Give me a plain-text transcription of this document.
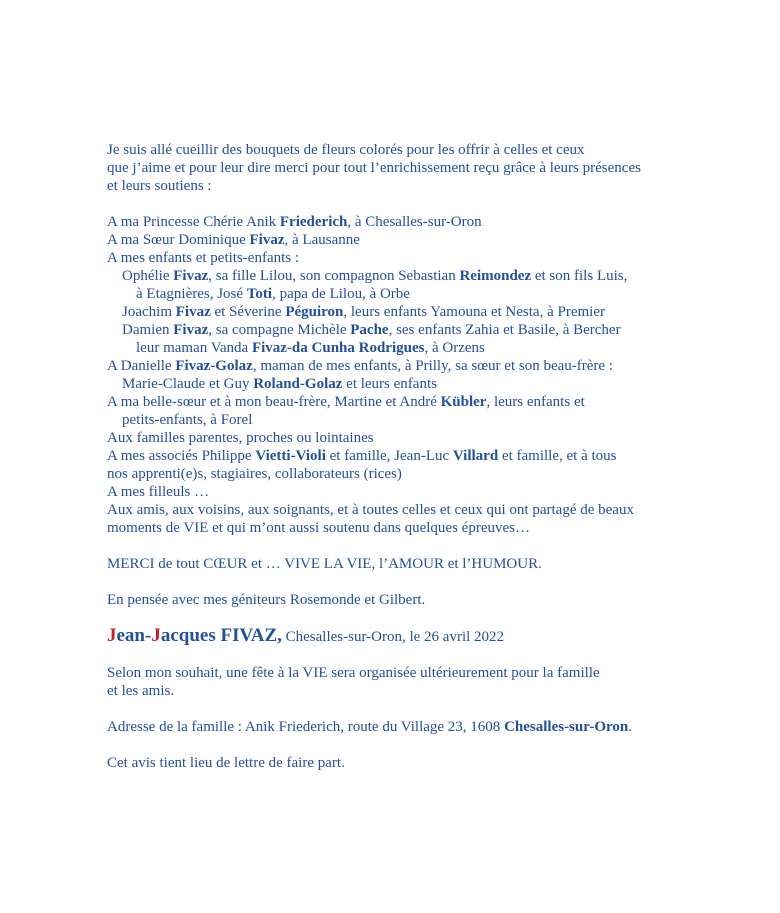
Je suis allé cueillir des bouquets de fleurs colorés pour les offrir à celles et ceux
que j’aime et pour leur dire merci pour tout l’enrichissement reçu grâce à leurs présences
et leurs soutiens :
A ma Princesse Chérie Anik Friederich, à Chesalles-sur-Oron
A ma Sœur Dominique Fivaz, à Lausanne
A mes enfants et petits-enfants :
Ophélie Fivaz, sa fille Lilou, son compagnon Sebastian Reimondez et son fils Luis,
à Etagnières, José Toti, papa de Lilou, à Orbe
Joachim Fivaz et Séverine Péguiron, leurs enfants Yamouna et Nesta, à Premier
Damien Fivaz, sa compagne Michèle Pache, ses enfants Zahia et Basile, à Bercher
leur maman Vanda Fivaz-da Cunha Rodrigues, à Orzens
A Danielle Fivaz-Golaz, maman de mes enfants, à Prilly, sa sœur et son beau-frère :
Marie-Claude et Guy Roland-Golaz et leurs enfants
A ma belle-sœur et à mon beau-frère, Martine et André Kübler, leurs enfants et
petits-enfants, à Forel
Aux familles parentes, proches ou lointaines
A mes associés Philippe Vietti-Violi et famille, Jean-Luc Villard et famille, et à tous
nos apprenti(e)s, stagiaires, collaborateurs (rices)
A mes filleuls …
Aux amis, aux voisins, aux soignants, et à toutes celles et ceux qui ont partagé de beaux
moments de VIE et qui m’ont aussi soutenu dans quelques épreuves…
MERCI de tout CŒUR et … VIVE LA VIE, l’AMOUR et l’HUMOUR.
En pensée avec mes géniteurs Rosemonde et Gilbert.
Jean-Jacques FIVAZ, Chesalles-sur-Oron, le 26 avril 2022
Selon mon souhait, une fête à la VIE sera organisée ultérieurement pour la famille
et les amis.
Adresse de la famille : Anik Friederich, route du Village 23, 1608 Chesalles-sur-Oron.
Cet avis tient lieu de lettre de faire part.
